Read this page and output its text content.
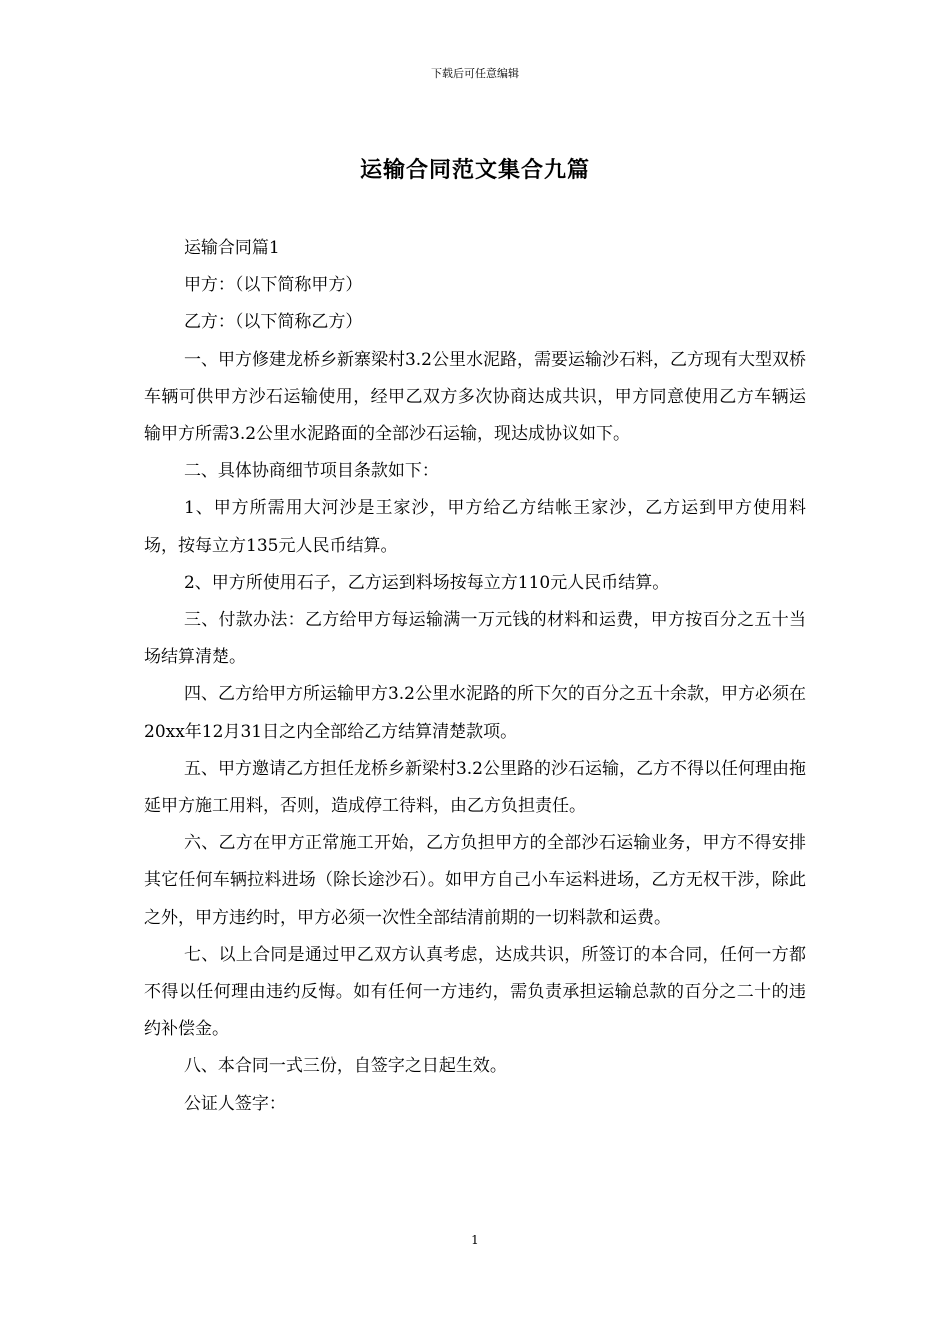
下载后可任意编辑
运输合同范文集合九篇

运输合同篇1

甲方：（以下简称甲方）

乙方：（以下简称乙方）

一、甲方修建龙桥乡新寨梁村3.2公里水泥路，需要运输沙石料，乙方现有大型双桥车辆可供甲方沙石运输使用，经甲乙双方多次协商达成共识，甲方同意使用乙方车辆运输甲方所需3.2公里水泥路面的全部沙石运输，现达成协议如下。

二、具体协商细节项目条款如下：

1、甲方所需用大河沙是王家沙，甲方给乙方结帐王家沙，乙方运到甲方使用料场，按每立方135元人民币结算。

2、甲方所使用石子，乙方运到料场按每立方110元人民币结算。

三、付款办法：乙方给甲方每运输满一万元钱的材料和运费，甲方按百分之五十当场结算清楚。

四、乙方给甲方所运输甲方3.2公里水泥路的所下欠的百分之五十余款，甲方必须在20xx年12月31日之内全部给乙方结算清楚款项。

五、甲方邀请乙方担任龙桥乡新梁村3.2公里路的沙石运输，乙方不得以任何理由拖延甲方施工用料，否则，造成停工待料，由乙方负担责任。

六、乙方在甲方正常施工开始，乙方负担甲方的全部沙石运输业务，甲方不得安排其它任何车辆拉料进场（除长途沙石）。如甲方自己小车运料进场，乙方无权干涉，除此之外，甲方违约时，甲方必须一次性全部结清前期的一切料款和运费。

七、以上合同是通过甲乙双方认真考虑，达成共识，所签订的本合同，任何一方都不得以任何理由违约反悔。如有任何一方违约，需负责承担运输总款的百分之二十的违约补偿金。

八、本合同一式三份，自签字之日起生效。

公证人签字：

1
